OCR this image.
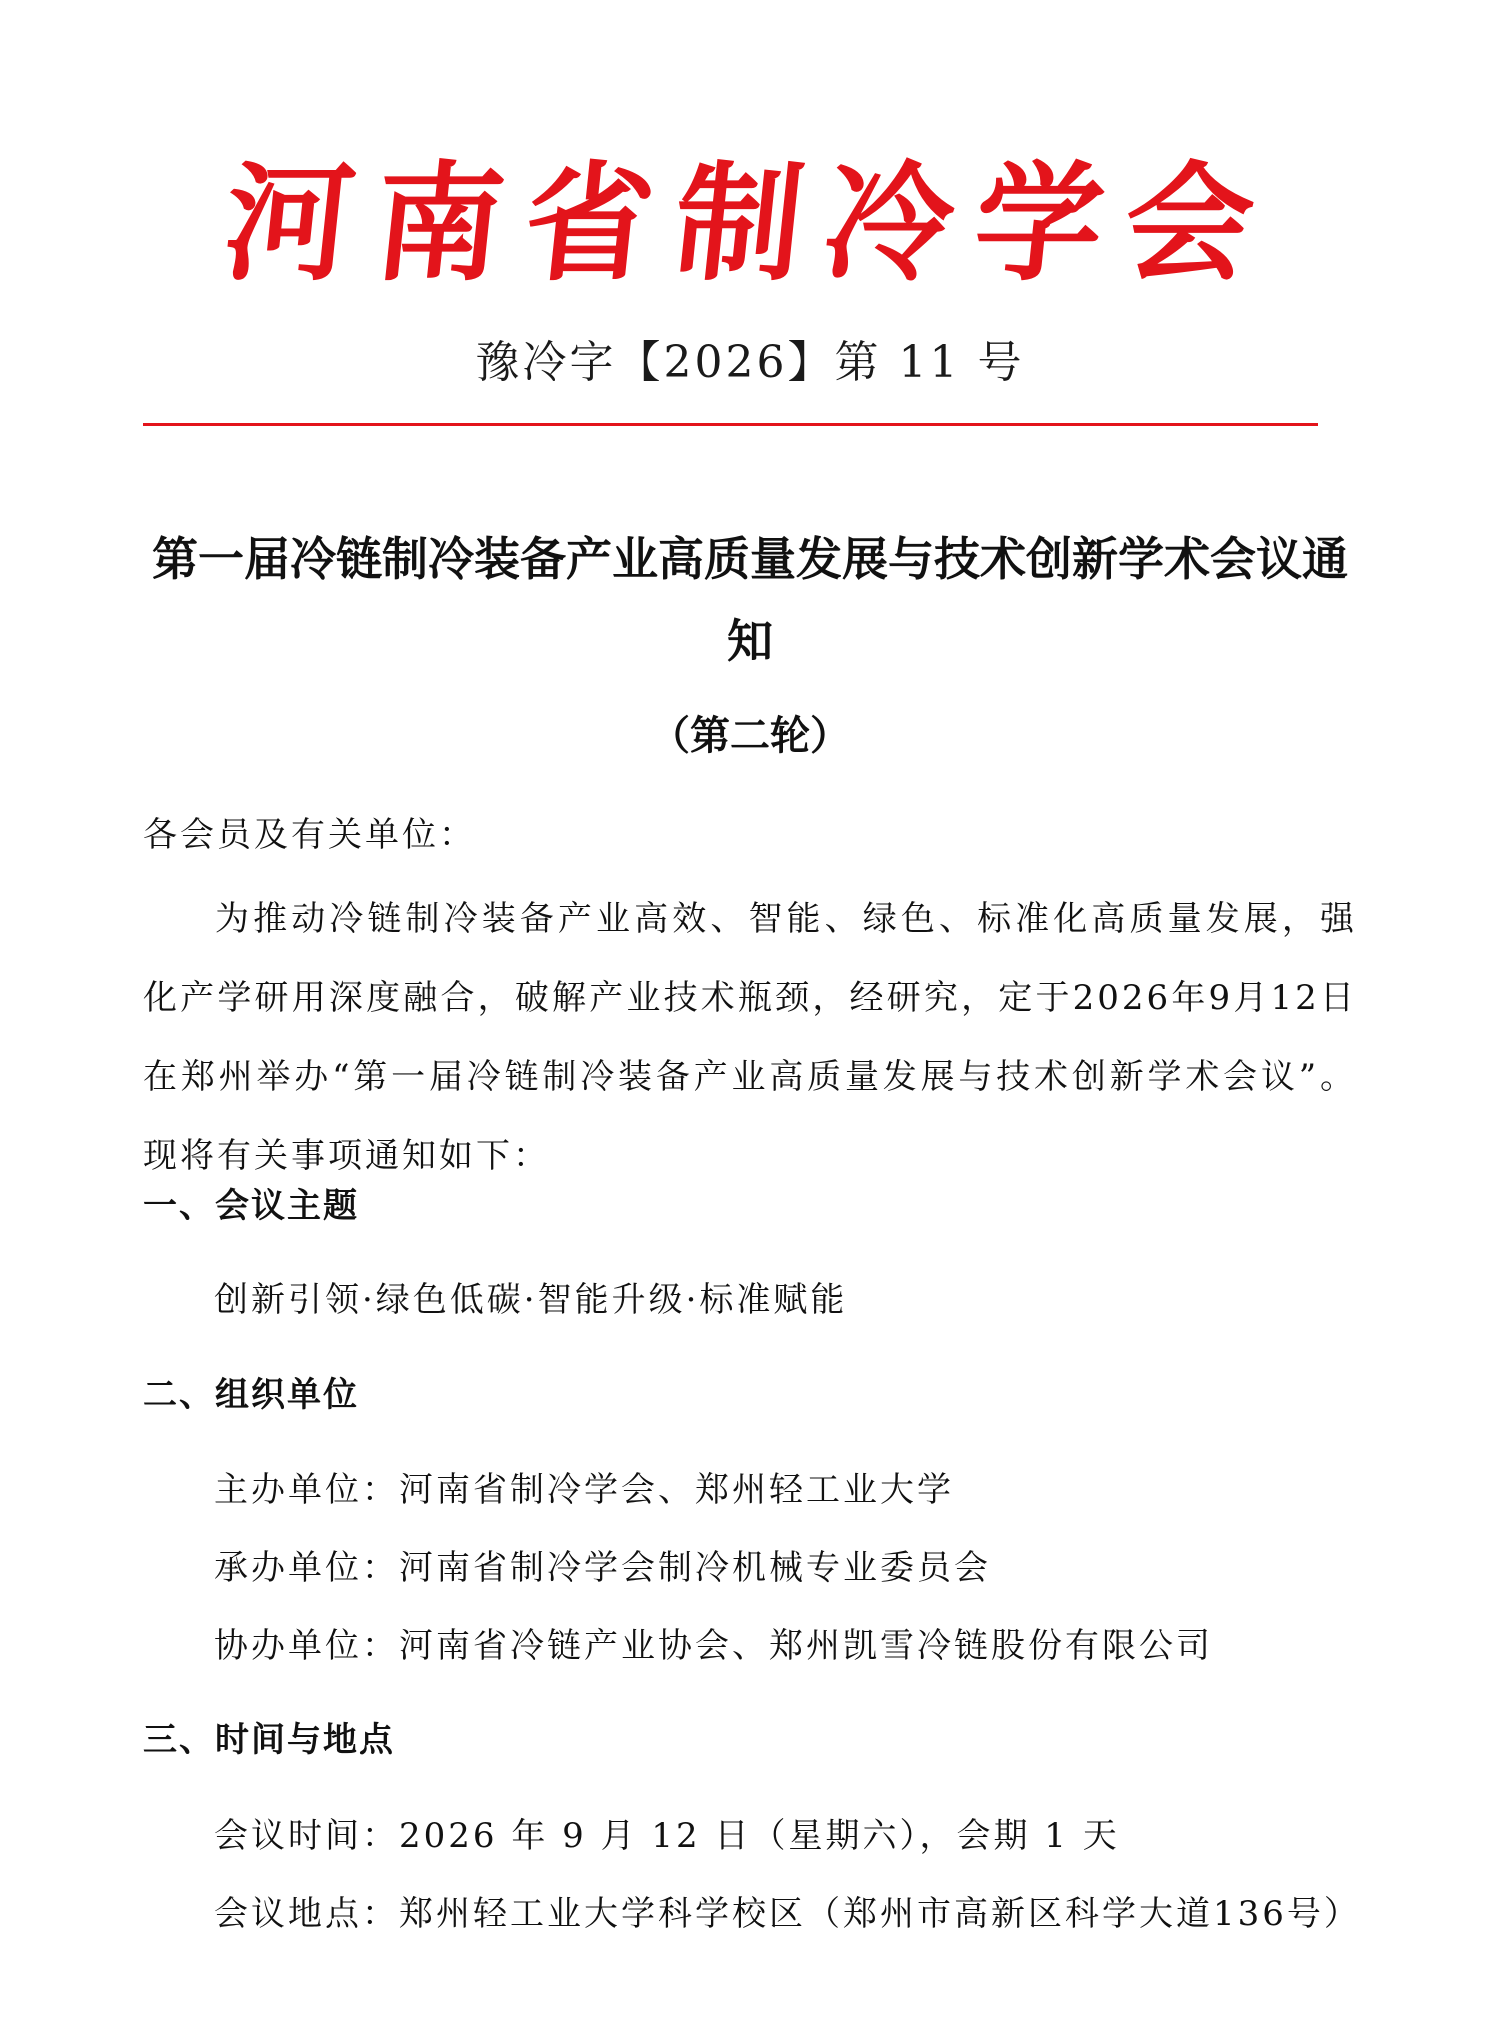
河南省制冷学会
豫冷字【2026】第 11 号
第一届冷链制冷装备产业高质量发展与技术创新学术会议通知
（第二轮）
各会员及有关单位：
为推动冷链制冷装备产业高效、智能、绿色、标准化高质量发展，强化产学研用深度融合，破解产业技术瓶颈，经研究，定于2026年9月12日在郑州举办“第一届冷链制冷装备产业高质量发展与技术创新学术会议”。现将有关事项通知如下：
一、会议主题
创新引领·绿色低碳·智能升级·标准赋能
二、组织单位
主办单位：河南省制冷学会、郑州轻工业大学
承办单位：河南省制冷学会制冷机械专业委员会
协办单位：河南省冷链产业协会、郑州凯雪冷链股份有限公司
三、时间与地点
会议时间：2026 年 9 月 12 日（星期六），会期 1 天
会议地点：郑州轻工业大学科学校区（郑州市高新区科学大道136号）
